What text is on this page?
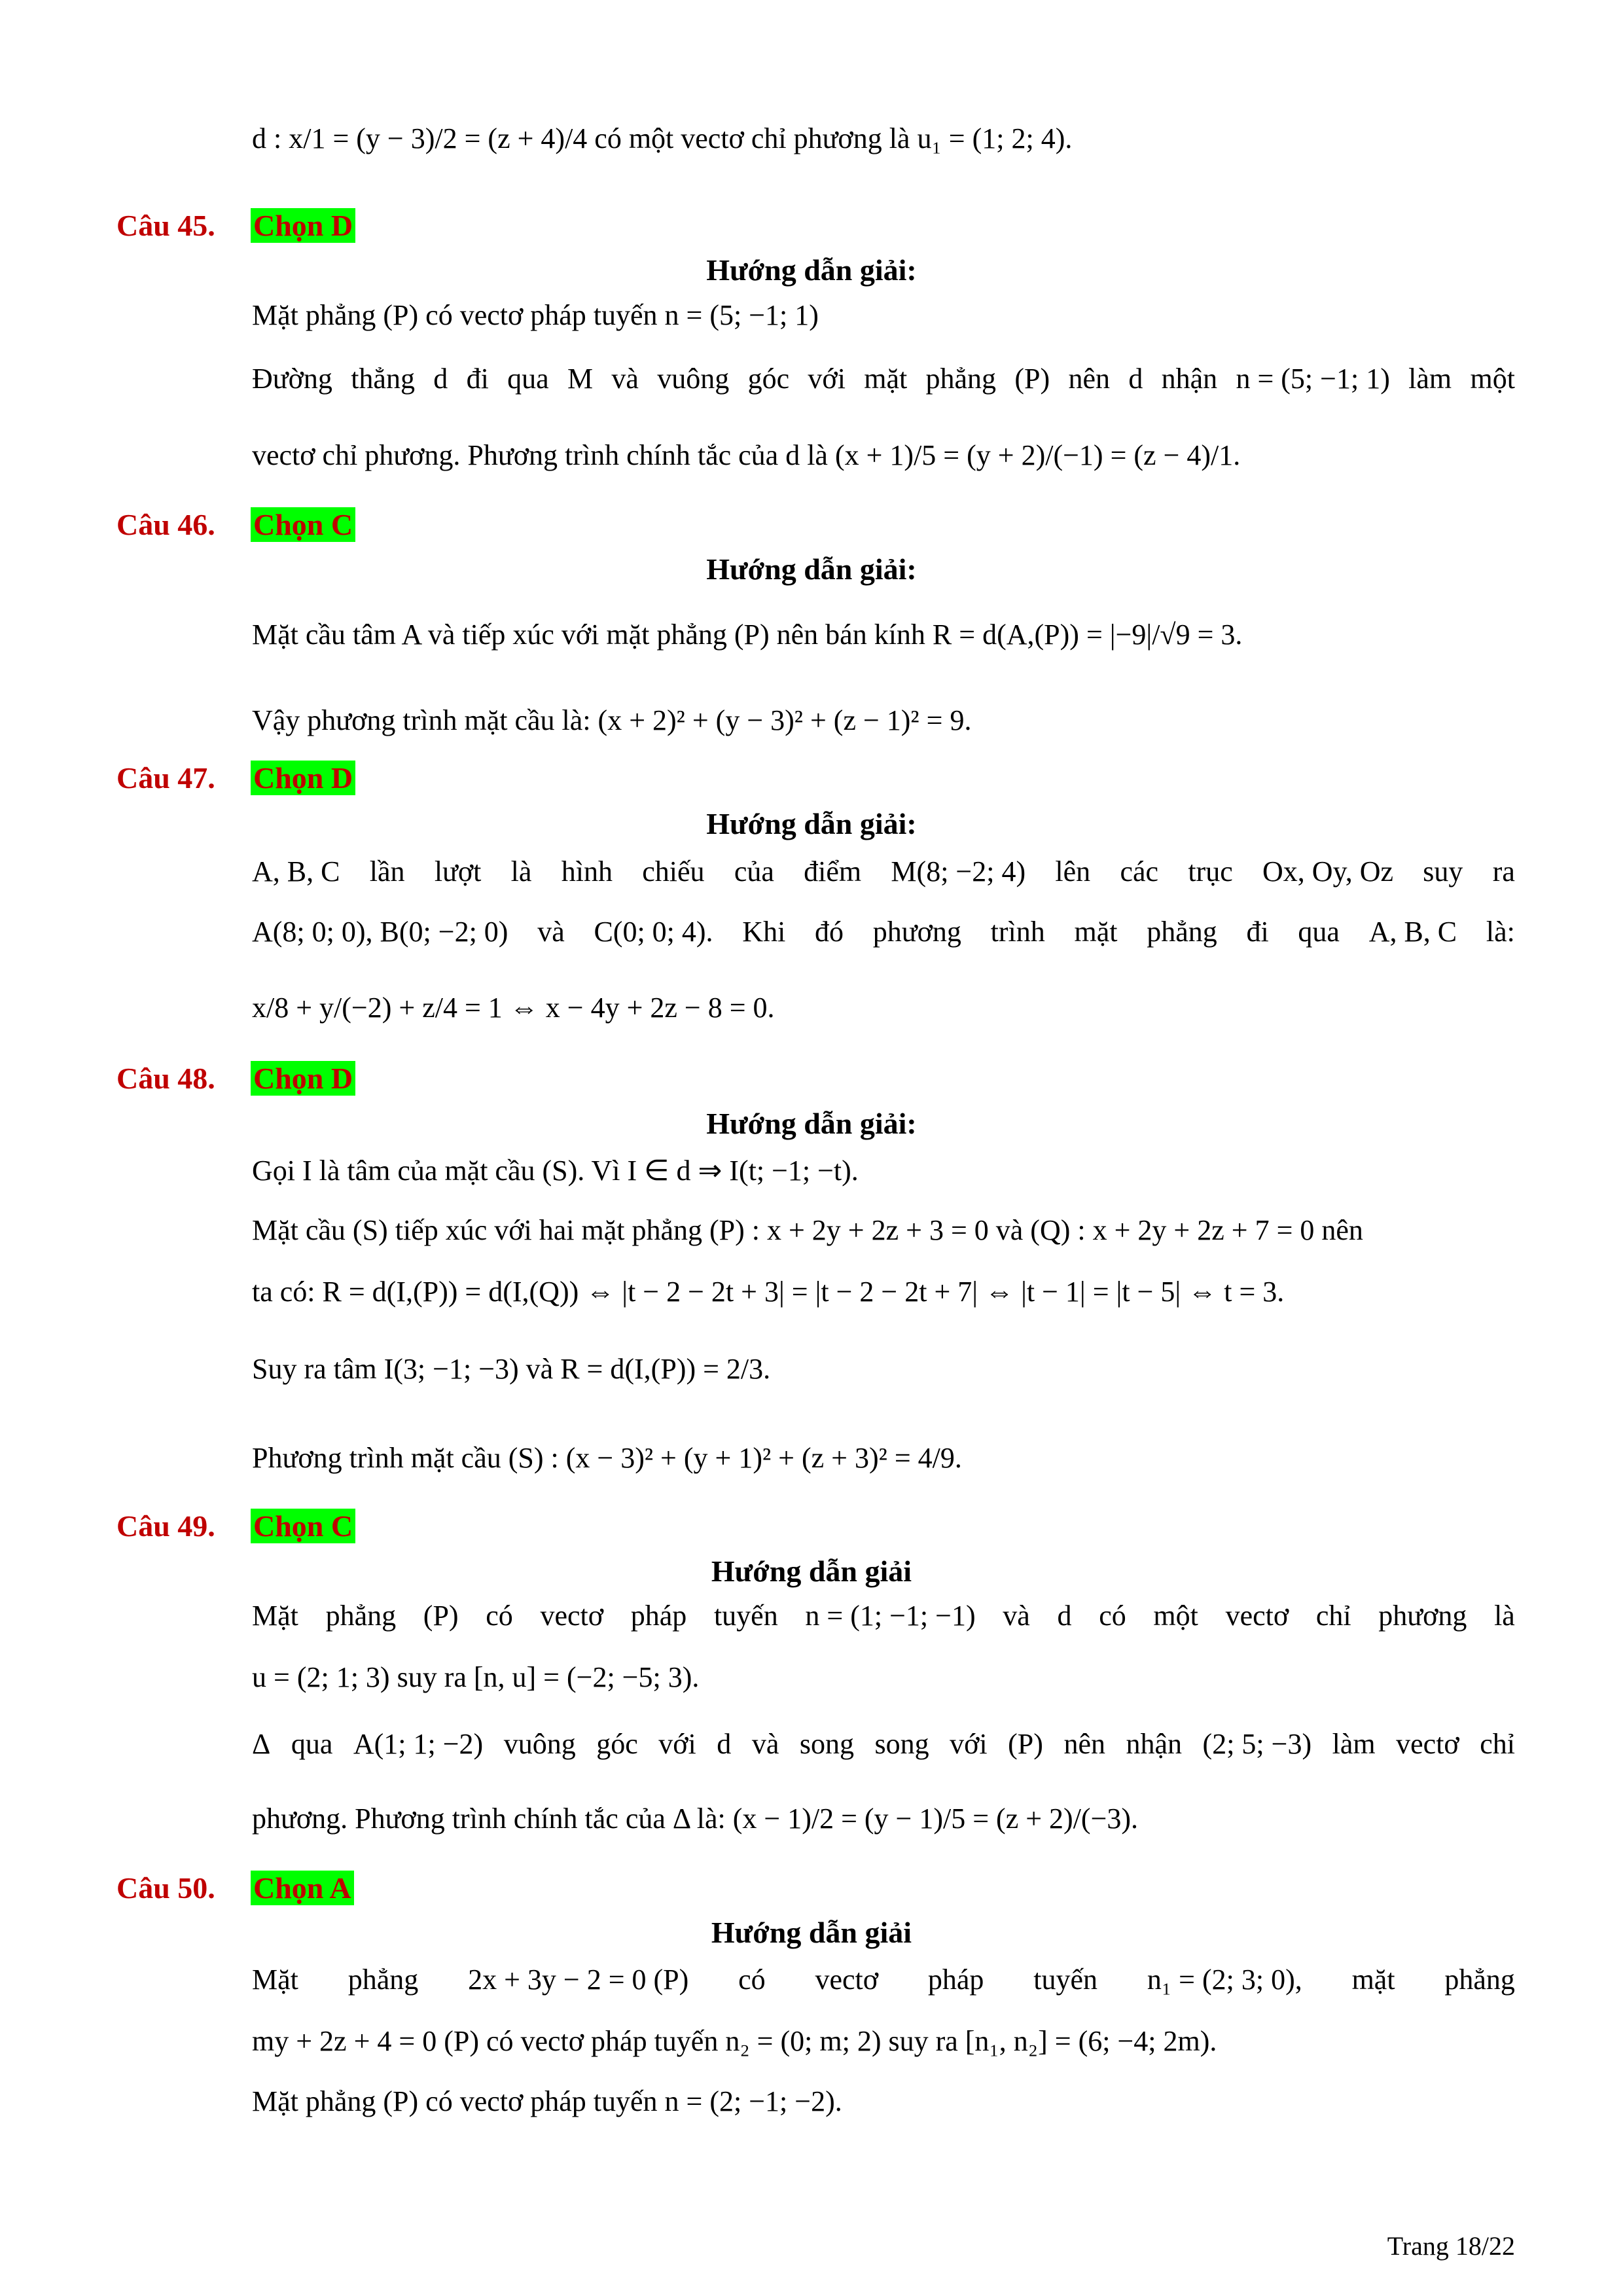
d : x/1 = (y − 3)/2 = (z + 4)/4 có một vectơ chỉ phương là u₁ = (1; 2; 4).
Câu 45. Chọn D
Hướng dẫn giải:
Mặt phẳng (P) có vectơ pháp tuyến n = (5; −1; 1)
Đường thẳng d đi qua M và vuông góc với mặt phẳng (P) nên d nhận n = (5; −1; 1) làm một
vectơ chỉ phương. Phương trình chính tắc của d là (x + 1)/5 = (y + 2)/(−1) = (z − 4)/1.
Câu 46. Chọn C
Hướng dẫn giải:
Mặt cầu tâm A và tiếp xúc với mặt phẳng (P) nên bán kính R = d(A,(P)) = |−9|/√9 = 3.
Vậy phương trình mặt cầu là: (x + 2)² + (y − 3)² + (z − 1)² = 9.
Câu 47. Chọn D
Hướng dẫn giải:
A, B, C lần lượt là hình chiếu của điểm M(8; −2; 4) lên các trục Ox, Oy, Oz suy ra
A(8; 0; 0), B(0; −2; 0) và C(0; 0; 4). Khi đó phương trình mặt phẳng đi qua A, B, C là:
x/8 + y/(−2) + z/4 = 1 ⇔ x − 4y + 2z − 8 = 0.
Câu 48. Chọn D
Hướng dẫn giải:
Gọi I là tâm của mặt cầu (S). Vì I ∈ d ⇒ I(t; −1; −t).
Mặt cầu (S) tiếp xúc với hai mặt phẳng (P) : x + 2y + 2z + 3 = 0 và (Q) : x + 2y + 2z + 7 = 0 nên
ta có: R = d(I,(P)) = d(I,(Q)) ⇔ |t − 2 − 2t + 3| = |t − 2 − 2t + 7| ⇔ |t − 1| = |t − 5| ⇔ t = 3.
Suy ra tâm I(3; −1; −3) và R = d(I,(P)) = 2/3.
Phương trình mặt cầu (S) : (x − 3)² + (y + 1)² + (z + 3)² = 4/9.
Câu 49. Chọn C
Hướng dẫn giải
Mặt phẳng (P) có vectơ pháp tuyến n = (1; −1; −1) và d có một vectơ chỉ phương là
u = (2; 1; 3) suy ra [n, u] = (−2; −5; 3).
Δ qua A(1; 1; −2) vuông góc với d và song song với (P) nên nhận (2; 5; −3) làm vectơ chỉ
phương. Phương trình chính tắc của Δ là: (x − 1)/2 = (y − 1)/5 = (z + 2)/(−3).
Câu 50. Chọn A
Hướng dẫn giải
Mặt phẳng 2x + 3y − 2 = 0 (P) có vectơ pháp tuyến n₁ = (2; 3; 0), mặt phẳng
my + 2z + 4 = 0 (P) có vectơ pháp tuyến n₂ = (0; m; 2) suy ra [n₁, n₂] = (6; −4; 2m).
Mặt phẳng (P) có vectơ pháp tuyến n = (2; −1; −2).
Trang 18/22
